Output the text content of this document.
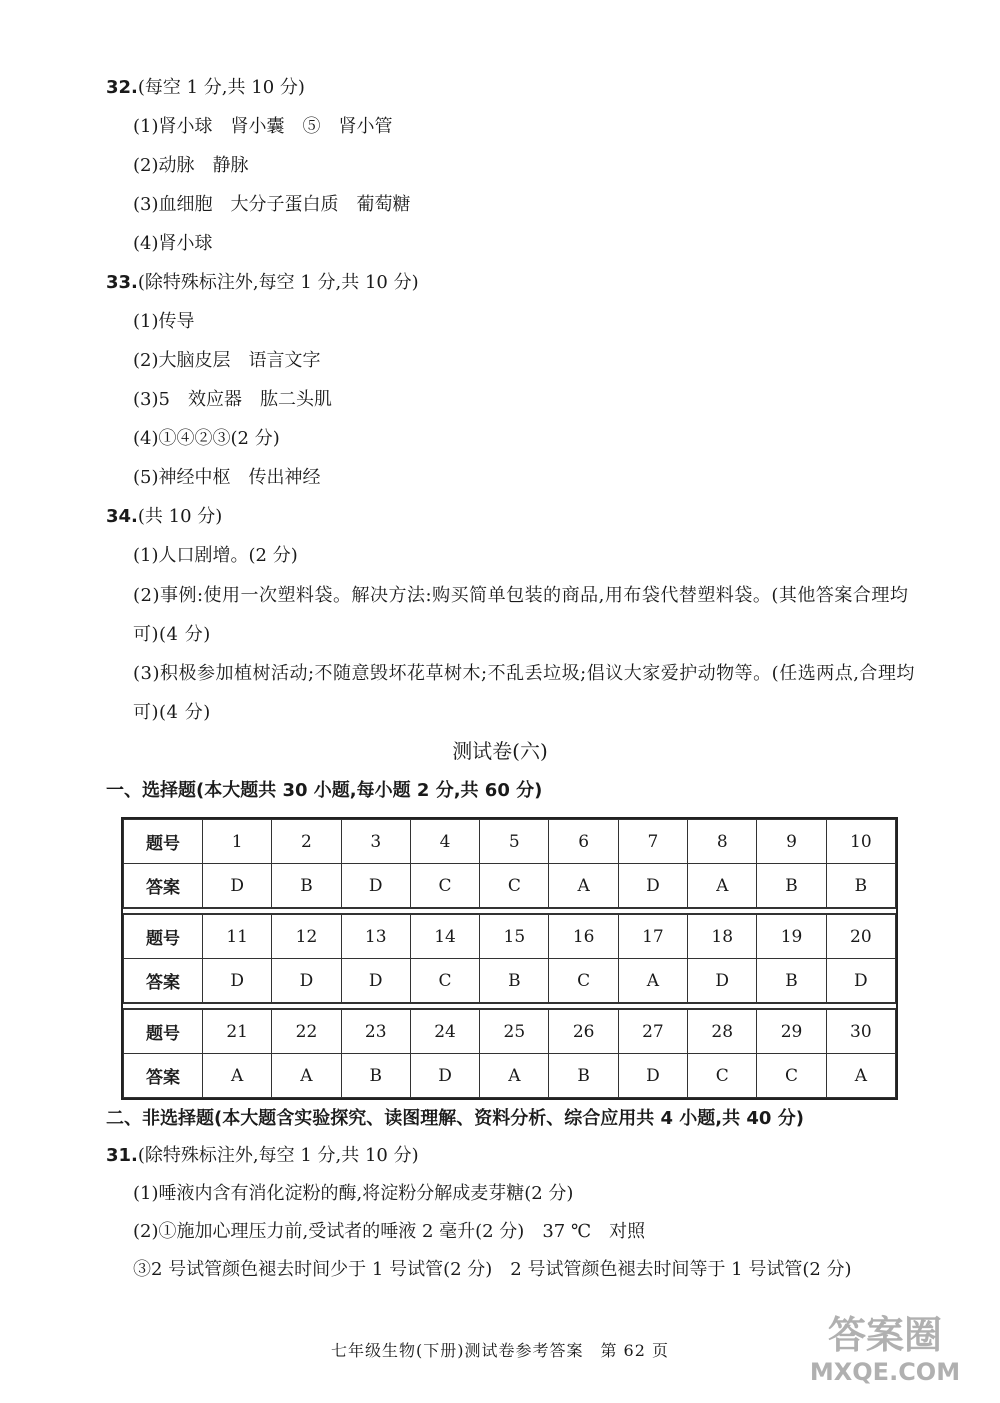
32.(每空 1 分,共 10 分)
(1)肾小球　肾小囊　⑤　肾小管
(2)动脉　静脉
(3)血细胞　大分子蛋白质　葡萄糖
(4)肾小球
33.(除特殊标注外,每空 1 分,共 10 分)
(1)传导
(2)大脑皮层　语言文字
(3)5　效应器　肱二头肌
(4)①④②③(2 分)
(5)神经中枢　传出神经
34.(共 10 分)
(1)人口剧增。(2 分)
(2)事例:使用一次塑料袋。解决方法:购买简单包装的商品,用布袋代替塑料袋。(其他答案合理均可)(4 分)
(3)积极参加植树活动;不随意毁坏花草树木;不乱丢垃圾;倡议大家爱护动物等。(任选两点,合理均可)(4 分)
测试卷(六)
一、选择题(本大题共 30 小题,每小题 2 分,共 60 分)
题号	1	2	3	4	5	6	7	8	9	10
答案	D	B	D	C	C	A	D	A	B	B
题号	11	12	13	14	15	16	17	18	19	20
答案	D	D	D	C	B	C	A	D	B	D
题号	21	22	23	24	25	26	27	28	29	30
答案	A	A	B	D	A	B	D	C	C	A
二、非选择题(本大题含实验探究、读图理解、资料分析、综合应用共 4 小题,共 40 分)
31.(除特殊标注外,每空 1 分,共 10 分)
(1)唾液内含有消化淀粉的酶,将淀粉分解成麦芽糖(2 分)
(2)①施加心理压力前,受试者的唾液 2 毫升(2 分)　37 ℃　对照
③2 号试管颜色褪去时间少于 1 号试管(2 分)　2 号试管颜色褪去时间等于 1 号试管(2 分)
七年级生物(下册)测试卷参考答案　第 62 页	答案圈
MXQE.COM
